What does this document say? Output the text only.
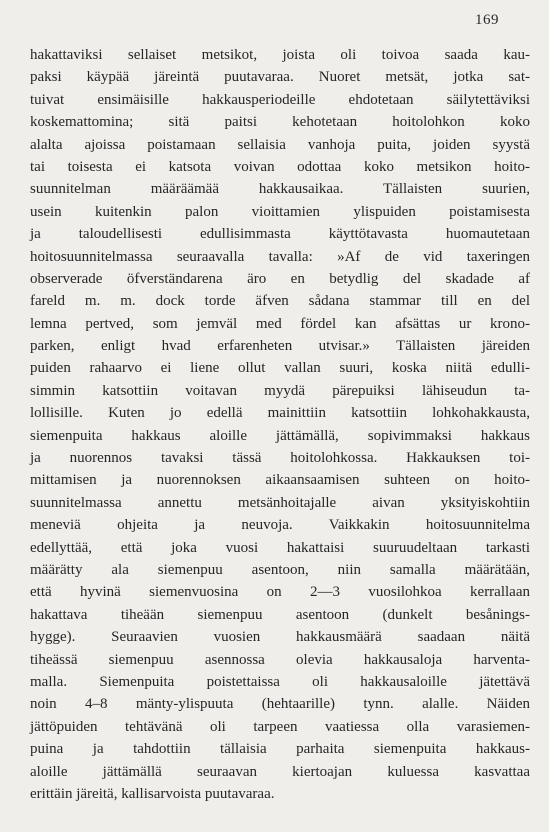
169
hakattaviksi sellaiset metsikot, joista oli toivoa saada kau-
paksi käypää järeintä puutavaraa. Nuoret metsät, jotka sat-
tuivat ensimäisille hakkausperiodeille ehdotetaan säilytettäviksi
koskemattomina; sitä paitsi kehotetaan hoitolohkon koko
alalta ajoissa poistamaan sellaisia vanhoja puita, joiden syystä
tai toisesta ei katsota voivan odottaa koko metsikon hoito-
suunnitelman määräämää hakkausaikaa. Tällaisten suurien,
usein kuitenkin palon vioittamien ylispuiden poistamisesta
ja taloudellisesti edullisimmasta käyttötavasta huomautetaan
hoitosuunnitelmassa seuraavalla tavalla: »Af de vid taxeringen
observerade öfverständarena äro en betydlig del skadade af
fareld m. m. dock torde äfven sådana stammar till en del
lemna pertved, som jemväl med fördel kan afsättas ur krono-
parken, enligt hvad erfarenheten utvisar.» Tällaisten järeiden
puiden rahaarvo ei liene ollut vallan suuri, koska niitä edulli-
simmin katsottiin voitavan myydä pärepuiksi lähiseudun ta-
lollisille. Kuten jo edellä mainittiin katsottiin lohkohakkausta,
siemenpuita hakkaus aloille jättämällä, sopivimmaksi hakkaus
ja nuorennos tavaksi tässä hoitolohkossa. Hakkauksen toi-
mittamisen ja nuorennoksen aikaansaamisen suhteen on hoito-
suunnitelmassa annettu metsänhoitajalle aivan yksityiskohtiin
meneviä ohjeita ja neuvoja. Vaikkakin hoitosuunnitelma
edellyttää, että joka vuosi hakattaisi suuruudeltaan tarkasti
määrätty ala siemenpuu asentoon, niin samalla määrätään,
että hyvinä siemenvuosina on 2—3 vuosilohkoa kerrallaan
hakattava tiheään siemenpuu asentoon (dunkelt besånings-
hygge). Seuraavien vuosien hakkausmäärä saadaan näitä
tiheässä siemenpuu asennossa olevia hakkausaloja harventa-
malla. Siemenpuita poistettaissa oli hakkausaloille jätettävä
noin 4–8 mänty-ylispuuta (hehtaarille) tynn. alalle. Näiden
jättöpuiden tehtävänä oli tarpeen vaatiessa olla varasiemen-
puina ja tahdottiin tällaisia parhaita siemenpuita hakkaus-
aloille jättämällä seuraavan kiertoajan kuluessa kasvattaa
erittäin järeitä, kallisarvoista puutavaraa.
